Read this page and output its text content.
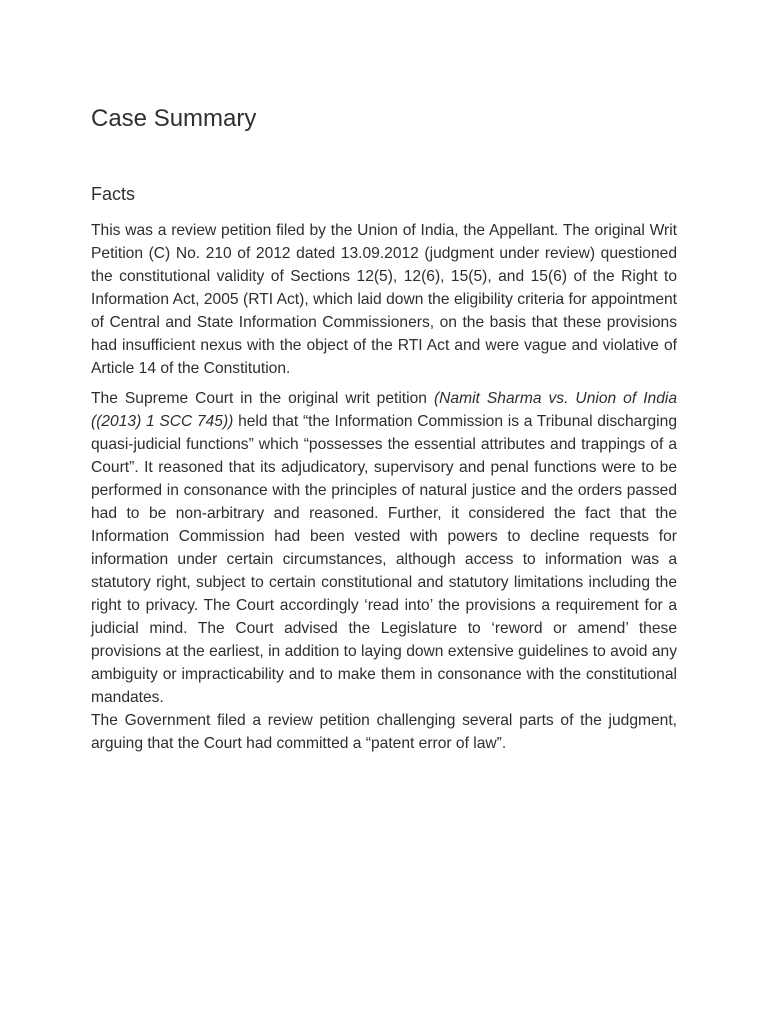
Case Summary
Facts

This was a review petition filed by the Union of India, the Appellant. The original Writ Petition (C) No. 210 of 2012 dated 13.09.2012 (judgment under review) questioned the constitutional validity of Sections 12(5), 12(6), 15(5), and 15(6) of the Right to Information Act, 2005 (RTI Act), which laid down the eligibility criteria for appointment of Central and State Information Commissioners, on the basis that these provisions had insufficient nexus with the object of the RTI Act and were vague and violative of Article 14 of the Constitution.

The Supreme Court in the original writ petition (Namit Sharma vs. Union of India ((2013) 1 SCC 745)) held that “the Information Commission is a Tribunal discharging quasi-judicial functions” which “possesses the essential attributes and trappings of a Court”. It reasoned that its adjudicatory, supervisory and penal functions were to be performed in consonance with the principles of natural justice and the orders passed had to be non-arbitrary and reasoned. Further, it considered the fact that the Information Commission had been vested with powers to decline requests for information under certain circumstances, although access to information was a statutory right, subject to certain constitutional and statutory limitations including the right to privacy. The Court accordingly ‘read into’ the provisions a requirement for a judicial mind. The Court advised the Legislature to ‘reword or amend’ these provisions at the earliest, in addition to laying down extensive guidelines to avoid any ambiguity or impracticability and to make them in consonance with the constitutional mandates.

The Government filed a review petition challenging several parts of the judgment, arguing that the Court had committed a “patent error of law”.
